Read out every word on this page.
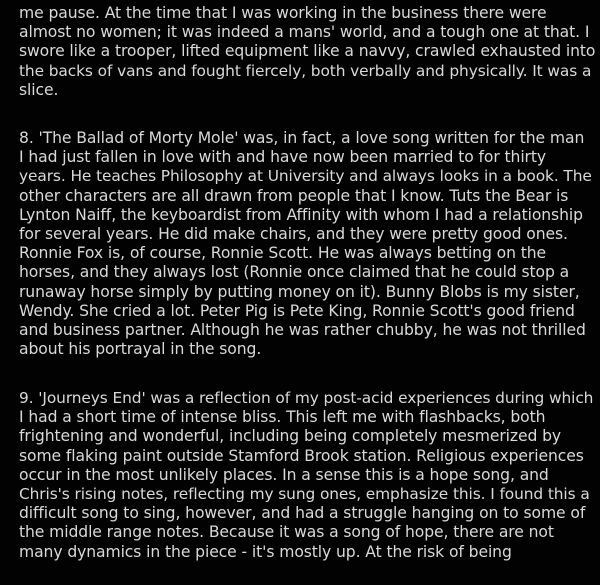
me pause. At the time that I was working in the business there were
almost no women; it was indeed a mans' world, and a tough one at that. I
swore like a trooper, lifted equipment like a navvy, crawled exhausted into
the backs of vans and fought fiercely, both verbally and physically. It was a
slice.

8. 'The Ballad of Morty Mole' was, in fact, a love song written for the man
I had just fallen in love with and have now been married to for thirty
years. He teaches Philosophy at University and always looks in a book. The
other characters are all drawn from people that I know. Tuts the Bear is
Lynton Naiff, the keyboardist from Affinity with whom I had a relationship
for several years. He did make chairs, and they were pretty good ones.
Ronnie Fox is, of course, Ronnie Scott. He was always betting on the
horses, and they always lost (Ronnie once claimed that he could stop a
runaway horse simply by putting money on it). Bunny Blobs is my sister,
Wendy. She cried a lot. Peter Pig is Pete King, Ronnie Scott's good friend
and business partner. Although he was rather chubby, he was not thrilled
about his portrayal in the song.

9. 'Journeys End' was a reflection of my post-acid experiences during which
I had a short time of intense bliss. This left me with flashbacks, both
frightening and wonderful, including being completely mesmerized by
some flaking paint outside Stamford Brook station. Religious experiences
occur in the most unlikely places. In a sense this is a hope song, and
Chris's rising notes, reflecting my sung ones, emphasize this. I found this a
difficult song to sing, however, and had a struggle hanging on to some of
the middle range notes. Because it was a song of hope, there are not
many dynamics in the piece - it's mostly up. At the risk of being
